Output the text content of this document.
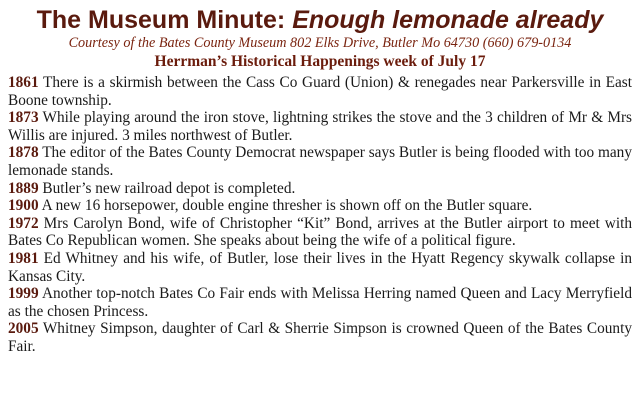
The Museum Minute: Enough lemonade already
Courtesy of the Bates County Museum 802 Elks Drive, Butler Mo 64730 (660) 679-0134
Herrman’s Historical Happenings week of July 17
1861 There is a skirmish between the Cass Co Guard (Union) & renegades near Parkersville in East Boone township.
1873 While playing around the iron stove, lightning strikes the stove and the 3 children of Mr & Mrs Willis are injured. 3 miles northwest of Butler.
1878 The editor of the Bates County Democrat newspaper says Butler is being flooded with too many lemonade stands.
1889 Butler’s new railroad depot is completed.
1900 A new 16 horsepower, double engine thresher is shown off on the Butler square.
1972 Mrs Carolyn Bond, wife of Christopher “Kit” Bond, arrives at the Butler airport to meet with Bates Co Republican women. She speaks about being the wife of a political figure.
1981 Ed Whitney and his wife, of Butler, lose their lives in the Hyatt Regency skywalk collapse in Kansas City.
1999 Another top-notch Bates Co Fair ends with Melissa Herring named Queen and Lacy Merryfield as the chosen Princess.
2005 Whitney Simpson, daughter of Carl & Sherrie Simpson is crowned Queen of the Bates County Fair.
